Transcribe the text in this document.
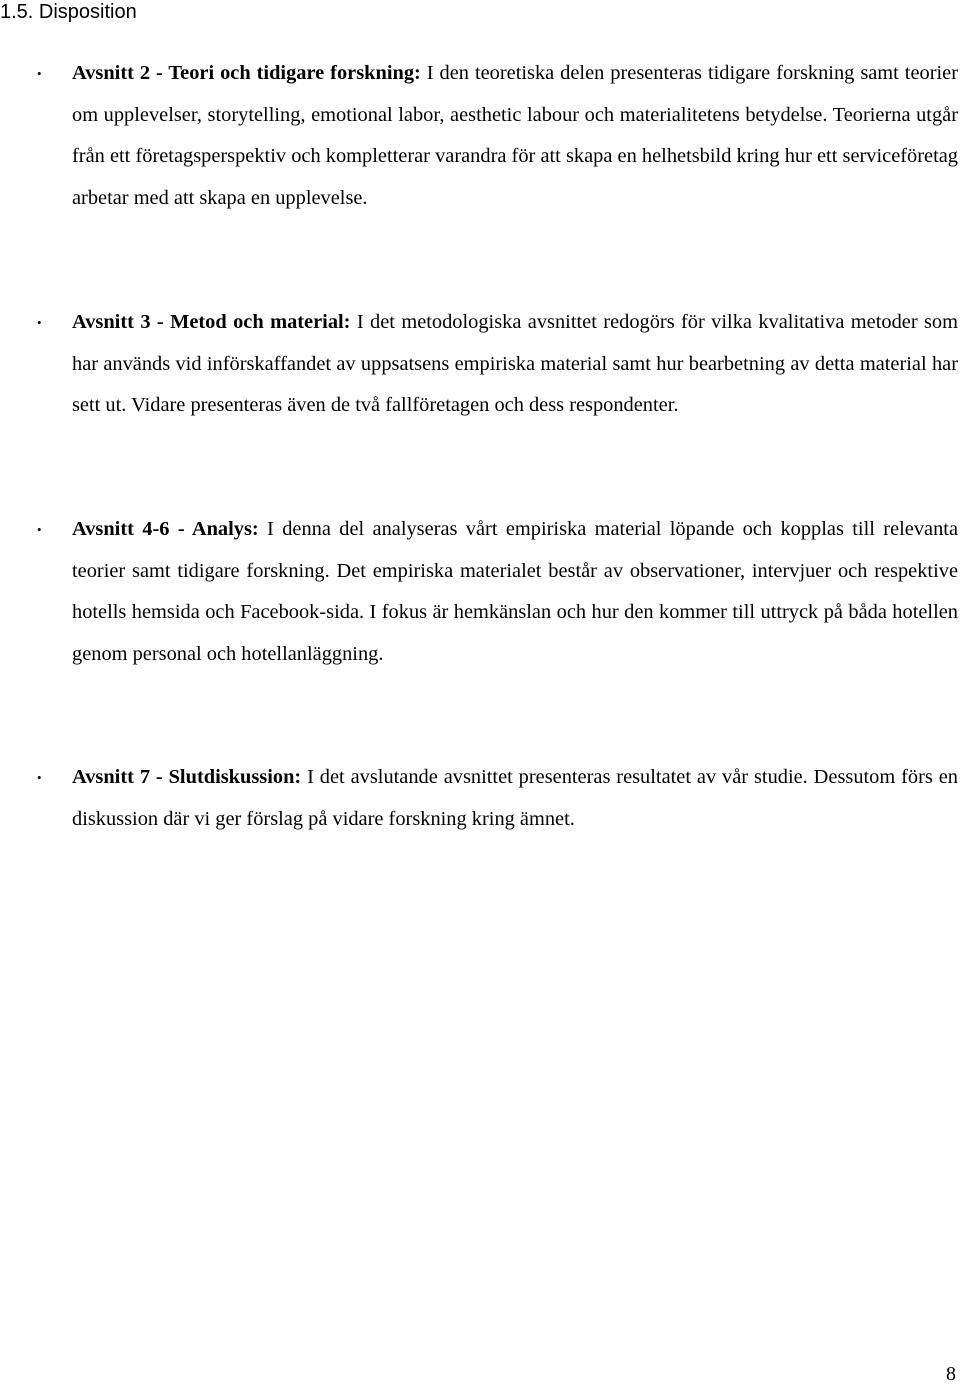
1.5. Disposition
• Avsnitt 2 - Teori och tidigare forskning: I den teoretiska delen presenteras tidigare forskning samt teorier om upplevelser, storytelling, emotional labor, aesthetic labour och materialitetens betydelse. Teorierna utgår från ett företagsperspektiv och kompletterar varandra för att skapa en helhetsbild kring hur ett serviceföretag arbetar med att skapa en upplevelse.

• Avsnitt 3 - Metod och material: I det metodologiska avsnittet redogörs för vilka kvalitativa metoder som har används vid införskaffandet av uppsatsens empiriska material samt hur bearbetning av detta material har sett ut. Vidare presenteras även de två fallföretagen och dess respondenter.

• Avsnitt 4-6 - Analys: I denna del analyseras vårt empiriska material löpande och kopplas till relevanta teorier samt tidigare forskning. Det empiriska materialet består av observationer, intervjuer och respektive hotells hemsida och Facebook-sida. I fokus är hemkänslan och hur den kommer till uttryck på båda hotellen genom personal och hotellanläggning.

• Avsnitt 7 - Slutdiskussion: I det avslutande avsnittet presenteras resultatet av vår studie. Dessutom förs en diskussion där vi ger förslag på vidare forskning kring ämnet.

8
